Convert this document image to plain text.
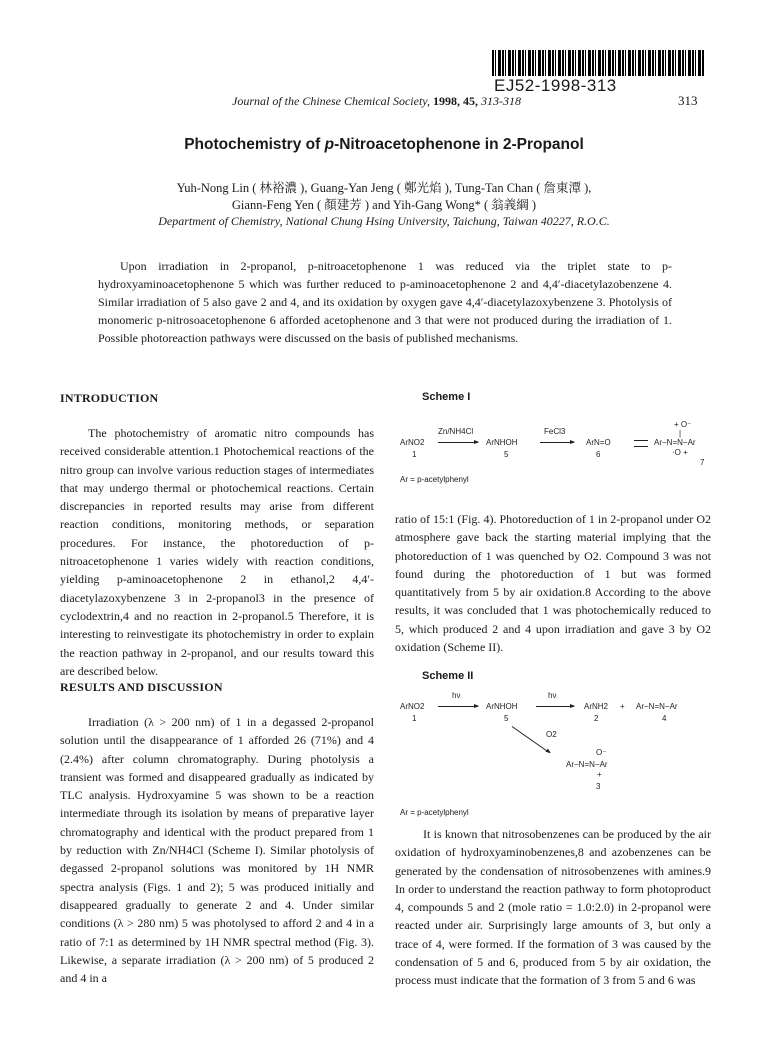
EJ52-1998-313
Journal of the Chinese Chemical Society, 1998, 45, 313-318	313
Photochemistry of p-Nitroacetophenone in 2-Propanol
Yuh-Nong Lin ( 林裕濃 ), Guang-Yan Jeng ( 鄭光焰 ), Tung-Tan Chan ( 詹東潭 ),
Giann-Feng Yen ( 顏建芳 ) and Yih-Gang Wong* ( 翁義綱 )
Department of Chemistry, National Chung Hsing University, Taichung, Taiwan 40227, R.O.C.

Upon irradiation in 2-propanol, p-nitroacetophenone 1 was reduced via the triplet state to p-hydroxyaminoacetophenone 5 which was further reduced to p-aminoacetophenone 2 and 4,4′-diacetylazobenzene 4. Similar irradiation of 5 also gave 2 and 4, and its oxidation by oxygen gave 4,4′-diacetylazoxybenzene 3. Photolysis of monomeric p-nitrosoacetophenone 6 afforded acetophenone and 3 that were not produced during the irradiation of 1. Possible photoreaction pathways were discussed on the basis of published mechanisms.

INTRODUCTION

The photochemistry of aromatic nitro compounds has received considerable attention.1 Photochemical reactions of the nitro group can involve various reduction stages of intermediates that may undergo thermal or photochemical reactions. Certain discrepancies in reported results may arise from different reaction conditions, monitoring methods, or separation procedures. For instance, the photoreduction of p-nitroacetophenone 1 varies widely with reaction conditions, yielding p-aminoacetophenone 2 in ethanol,2 4,4′-diacetylazoxybenzene 3 in 2-propanol3 in the presence of cyclodextrin,4 and no reaction in 2-propanol.5 Therefore, it is interesting to reinvestigate its photochemistry in order to explain the reaction pathway in 2-propanol, and our results toward this are described below.

RESULTS AND DISCUSSION

Irradiation (λ > 200 nm) of 1 in a degassed 2-propanol solution until the disappearance of 1 afforded 26 (71%) and 4 (2.4%) after column chromatography. During photolysis a transient was formed and disappeared gradually as indicated by TLC analysis. Hydroxyamine 5 was shown to be a reaction intermediate through its isolation by means of preparative layer chromatography and identical with the product prepared from 1 by reduction with Zn/NH4Cl (Scheme I). Similar photolysis of degassed 2-propanol solutions was monitored by 1H NMR spectra analysis (Figs. 1 and 2); 5 was produced initially and disappeared gradually to generate 2 and 4. Under similar conditions (λ > 280 nm) 5 was photolysed to afford 2 and 4 in a ratio of 7:1 as determined by 1H NMR spectral method (Fig. 3). Likewise, a separate irradiation (λ > 200 nm) of 5 produced 2 and 4 in a

Scheme I
ArNO2
1
Zn/NH4Cl
ArNHOH
5
FeCl3
ArN=O
6
+ O⁻
|
Ar−N=N−Ar
·O +
7
Ar = p-acetylphenyl

ratio of 15:1 (Fig. 4). Photoreduction of 1 in 2-propanol under O2 atmosphere gave back the starting material implying that the photoreduction of 1 was quenched by O2. Compound 3 was not found during the photoreduction of 1 but was formed quantitatively from 5 by air oxidation.8 According to the above results, it was concluded that 1 was photochemically reduced to 5, which produced 2 and 4 upon irradiation and gave 3 by O2 oxidation (Scheme II).

Scheme II
ArNO2
1
hν
ArNHOH
5
hν
ArNH2
2
+ Ar−N=N−Ar
4
O2
O⁻
Ar−N=N−Ar
+
3
Ar = p-acetylphenyl

It is known that nitrosobenzenes can be produced by the air oxidation of hydroxyaminobenzenes,8 and azobenzenes can be generated by the condensation of nitrosobenzenes with amines.9 In order to understand the reaction pathway to form photoproduct 4, compounds 5 and 2 (mole ratio = 1.0:2.0) in 2-propanol were reacted under air. Surprisingly large amounts of 3, but only a trace of 4, were formed. If the formation of 3 was caused by the condensation of 5 and 6, produced from 5 by air oxidation, the process must indicate that the formation of 3 from 5 and 6 was
